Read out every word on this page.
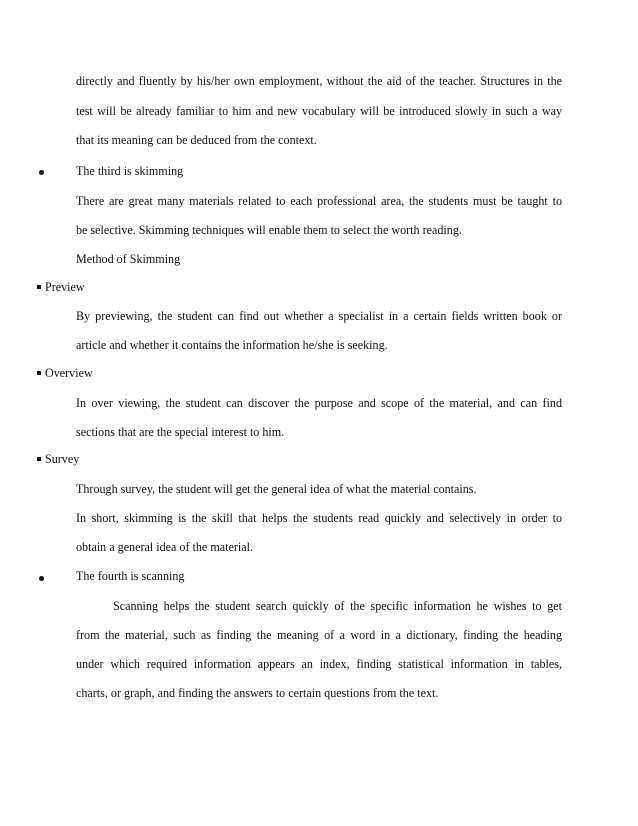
directly and fluently by his/her own employment, without the aid of the teacher. Structures in the
test will be already familiar to him and new vocabulary will be introduced slowly in such a way
that its meaning can be deduced from the context.
The third is skimming
There are great many materials related to each professional area, the students must be taught to
be selective. Skimming techniques will enable them to select the worth reading.
Method of Skimming
Preview
By previewing, the student can find out whether a specialist in a certain fields written book or
article and whether it contains the information he/she is seeking.
Overview
In over viewing, the student can discover the purpose and scope of the material, and can find
sections that are the special interest to him.
Survey
Through survey, the student will get the general idea of what the material contains.
In short, skimming is the skill that helps the students read quickly and selectively in order to
obtain a general idea of the material.
The fourth is scanning
Scanning helps the student search quickly of the specific information he wishes to get
from the material, such as finding the meaning of a word in a dictionary, finding the heading
under which required information appears an index, finding statistical information in tables,
charts, or graph, and finding the answers to certain questions from the text.
